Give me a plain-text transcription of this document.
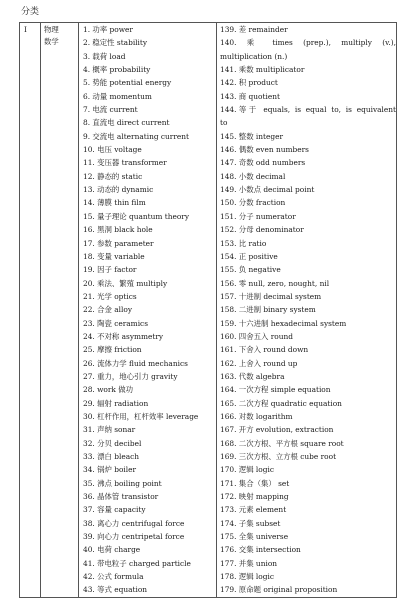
分类
Ⅰ	物理
数学

1. 功率 power
2. 稳定性 stability
3. 载荷 load
4. 概率 probability
5. 势能 potential energy
6. 动量 momentum
7. 电流 current
8. 直流电 direct current
9. 交流电 alternating current
10. 电压 voltage
11. 变压器 transformer
12. 静态的 static
13. 动态的 dynamic
14. 薄膜 thin film
15. 量子理论 quantum theory
16. 黑洞 black hole
17. 参数 parameter
18. 变量 variable
19. 因子 factor
20. 乘法、繁殖 multiply
21. 光学 optics
22. 合金 alloy
23. 陶瓷 ceramics
24. 不对称 asymmetry
25. 摩擦 friction
26. 流体力学 fluid mechanics
27. 重力，地心引力 gravity
28. work 做功
29. 辐射 radiation
30. 杠杆作用，杠杆效率 leverage
31. 声纳 sonar
32. 分贝 decibel
33. 漂白 bleach
34. 锅炉 boiler
35. 沸点 boiling point
36. 晶体管 transistor
37. 容量 capacity
38. 离心力 centrifugal force
39. 向心力 centripetal force
40. 电荷 charge
41. 带电粒子 charged particle
42. 公式 formula
43. 等式 equation

139. 差 remainder
140. 乘 times (prep.), multiply (v.),
multiplication (n.)
141. 乘数 multiplicator
142. 积 product
143. 商 quotient
144.等于 equals, is equal to, is equivalent
to
145. 整数 integer
146. 偶数 even numbers
147. 奇数 odd numbers
148. 小数 decimal
149. 小数点 decimal point
150. 分数 fraction
151. 分子 numerator
152. 分母 denominator
153. 比 ratio
154. 正 positive
155. 负 negative
156. 零 null, zero, nought, nil
157. 十进制 decimal system
158. 二进制 binary system
159. 十六进制 hexadecimal system
160. 四舍五入 round
161. 下舍入 round down
162. 上舍入 round up
163. 代数 algebra
164. 一次方程 simple equation
165. 二次方程 quadratic equation
166. 对数 logarithm
167. 开方 evolution, extraction
168. 二次方根、平方根 square root
169. 三次方根、立方根 cube root
170. 逻辑 logic
171. 集合（集） set
172. 映射 mapping
173. 元素 element
174. 子集 subset
175. 全集 universe
176. 交集 intersection
177. 并集 union
178. 逻辑 logic
179. 原命题 original proposition
